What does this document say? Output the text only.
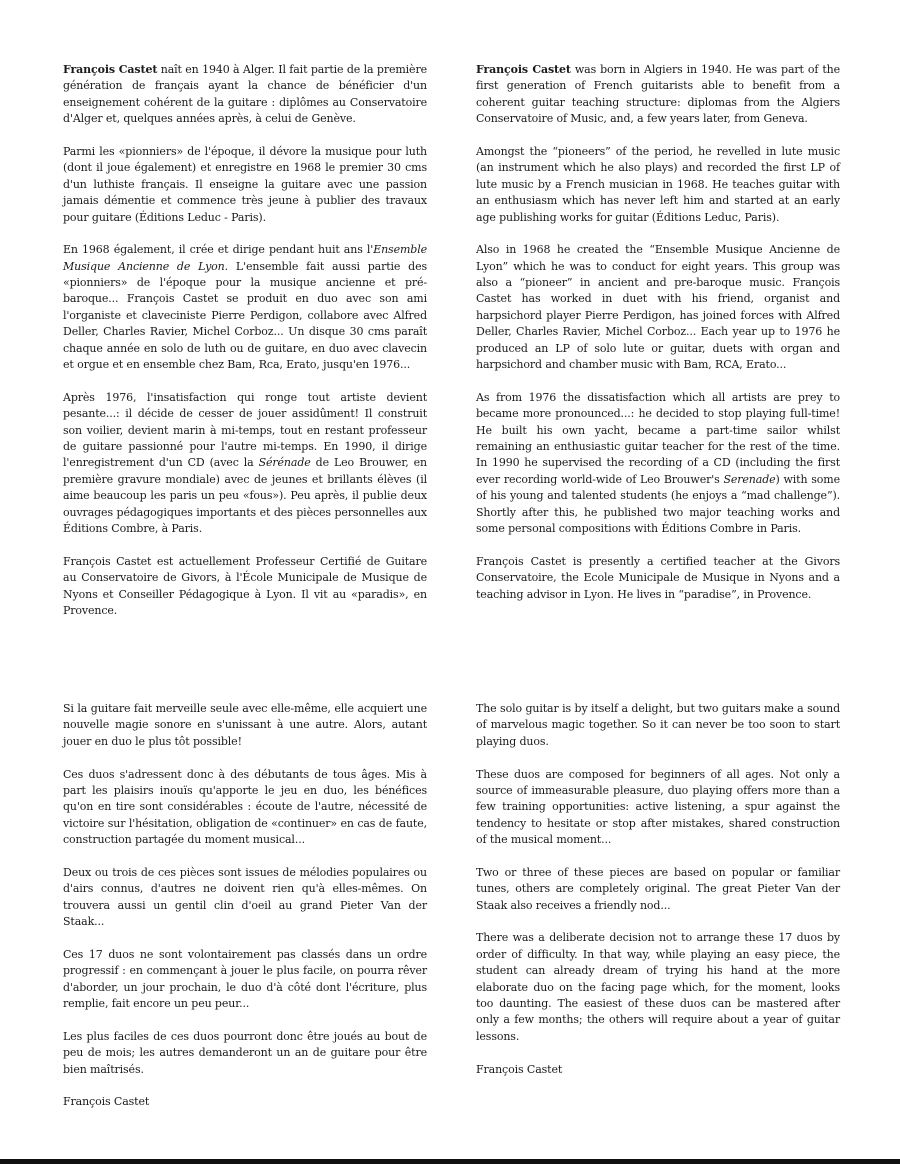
François Castet naît en 1940 à Alger. Il fait partie de la première génération de français ayant la chance de bénéficier d'un enseignement cohérent de la guitare : diplômes au Conservatoire d'Alger et, quelques années après, à celui de Genève.

Parmi les «pionniers» de l'époque, il dévore la musique pour luth (dont il joue également) et enregistre en 1968 le premier 30 cms d'un luthiste français. Il enseigne la guitare avec une passion jamais démentie et commence très jeune à publier des travaux pour guitare (Éditions Leduc - Paris).

En 1968 également, il crée et dirige pendant huit ans l'Ensemble Musique Ancienne de Lyon. L'ensemble fait aussi partie des «pionniers» de l'époque pour la musique ancienne et pré-baroque... François Castet se produit en duo avec son ami l'organiste et claveciniste Pierre Perdigon, collabore avec Alfred Deller, Charles Ravier, Michel Corboz... Un disque 30 cms paraît chaque année en solo de luth ou de guitare, en duo avec clavecin et orgue et en ensemble chez Bam, Rca, Erato, jusqu'en 1976...

Après 1976, l'insatisfaction qui ronge tout artiste devient pesante...: il décide de cesser de jouer assidûment! Il construit son voilier, devient marin à mi-temps, tout en restant professeur de guitare passionné pour l'autre mi-temps. En 1990, il dirige l'enregistrement d'un CD (avec la Sérénade de Leo Brouwer, en première gravure mondiale) avec de jeunes et brillants élèves (il aime beaucoup les paris un peu «fous»). Peu après, il publie deux ouvrages pédagogiques importants et des pièces personnelles aux Éditions Combre, à Paris.

François Castet est actuellement Professeur Certifié de Guitare au Conservatoire de Givors, à l'École Municipale de Musique de Nyons et Conseiller Pédagogique à Lyon. Il vit au «paradis», en Provence.

François Castet was born in Algiers in 1940. He was part of the first generation of French guitarists able to benefit from a coherent guitar teaching structure: diplomas from the Algiers Conservatoire of Music, and, a few years later, from Geneva.

Amongst the “pioneers” of the period, he revelled in lute music (an instrument which he also plays) and recorded the first LP of lute music by a French musician in 1968. He teaches guitar with an enthusiasm which has never left him and started at an early age publishing works for guitar (Éditions Leduc, Paris).

Also in 1968 he created the “Ensemble Musique Ancienne de Lyon” which he was to conduct for eight years. This group was also a “pioneer” in ancient and pre-baroque music. François Castet has worked in duet with his friend, organist and harpsichord player Pierre Perdigon, has joined forces with Alfred Deller, Charles Ravier, Michel Corboz... Each year up to 1976 he produced an LP of solo lute or guitar, duets with organ and harpsichord and chamber music with Bam, RCA, Erato...

As from 1976 the dissatisfaction which all artists are prey to became more pronounced...: he decided to stop playing full-time! He built his own yacht, became a part-time sailor whilst remaining an enthusiastic guitar teacher for the rest of the time. In 1990 he supervised the recording of a CD (including the first ever recording world-wide of Leo Brouwer's Serenade) with some of his young and talented students (he enjoys a “mad challenge”). Shortly after this, he published two major teaching works and some personal compositions with Éditions Combre in Paris.

François Castet is presently a certified teacher at the Givors Conservatoire, the Ecole Municipale de Musique in Nyons and a teaching advisor in Lyon. He lives in “paradise”, in Provence.

Si la guitare fait merveille seule avec elle-même, elle acquiert une nouvelle magie sonore en s'unissant à une autre. Alors, autant jouer en duo le plus tôt possible!

Ces duos s'adressent donc à des débutants de tous âges. Mis à part les plaisirs inouïs qu'apporte le jeu en duo, les bénéfices qu'on en tire sont considérables : écoute de l'autre, nécessité de victoire sur l'hésitation, obligation de «continuer» en cas de faute, construction partagée du moment musical...

Deux ou trois de ces pièces sont issues de mélodies populaires ou d'airs connus, d'autres ne doivent rien qu'à elles-mêmes. On trouvera aussi un gentil clin d'oeil au grand Pieter Van der Staak...

Ces 17 duos ne sont volontairement pas classés dans un ordre progressif : en commençant à jouer le plus facile, on pourra rêver d'aborder, un jour prochain, le duo d'à côté dont l'écriture, plus remplie, fait encore un peu peur...

Les plus faciles de ces duos pourront donc être joués au bout de peu de mois; les autres demanderont un an de guitare pour être bien maîtrisés.

François Castet

The solo guitar is by itself a delight, but two guitars make a sound of marvelous magic together. So it can never be too soon to start playing duos.

These duos are composed for beginners of all ages. Not only a source of immeasurable pleasure, duo playing offers more than a few training opportunities: active listening, a spur against the tendency to hesitate or stop after mistakes, shared construction of the musical moment...

Two or three of these pieces are based on popular or familiar tunes, others are completely original. The great Pieter Van der Staak also receives a friendly nod...

There was a deliberate decision not to arrange these 17 duos by order of difficulty. In that way, while playing an easy piece, the student can already dream of trying his hand at the more elaborate duo on the facing page which, for the moment, looks too daunting. The easiest of these duos can be mastered after only a few months; the others will require about a year of guitar lessons.

François Castet
